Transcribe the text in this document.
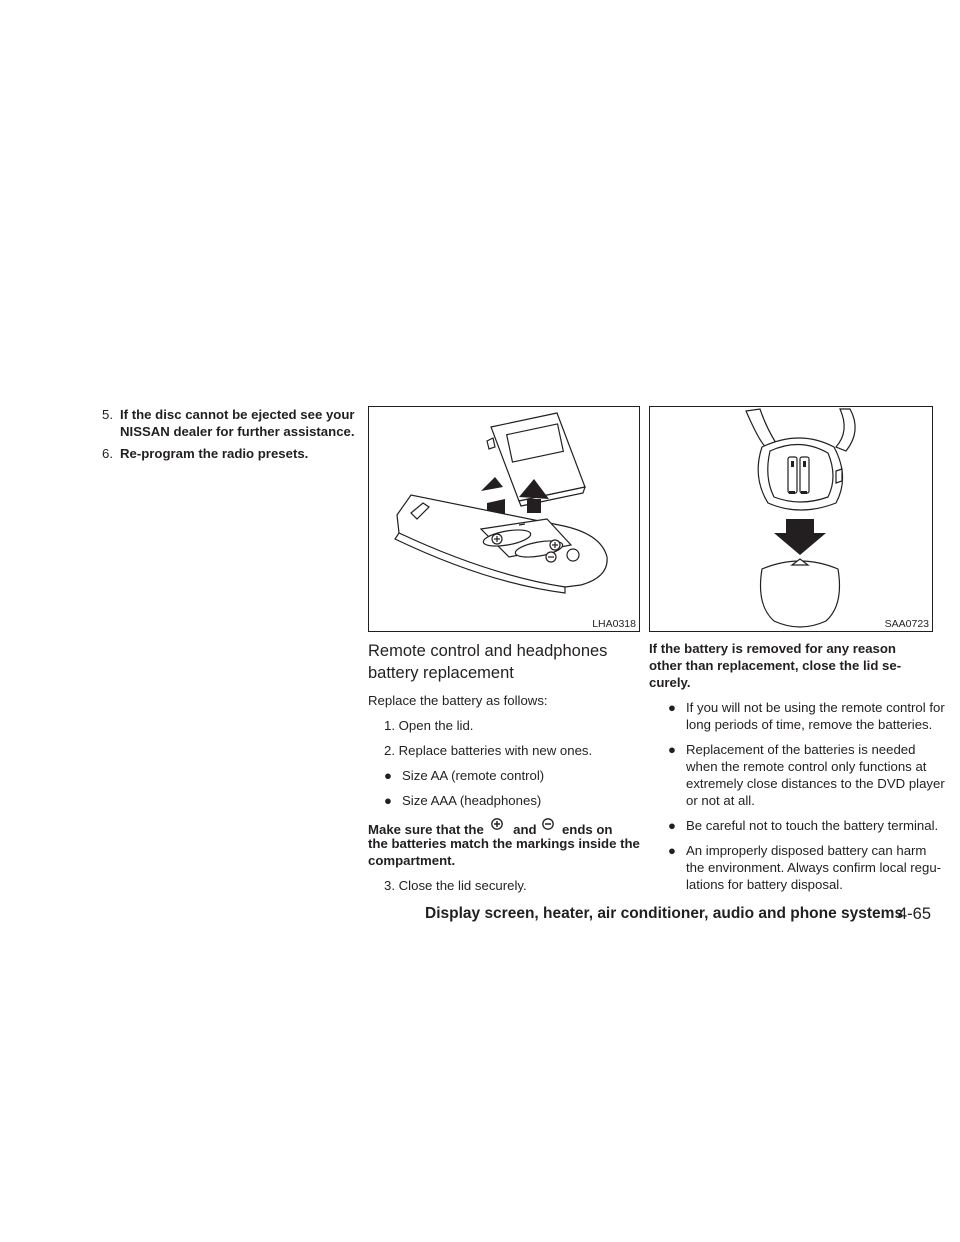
5. If the disc cannot be ejected see your
NISSAN dealer for further assistance.
6. Re-program the radio presets.
LHA0318	SAA0723
Remote control and headphones
battery replacement
Replace the battery as follows:
1. Open the lid.
2. Replace batteries with new ones.
● Size AA (remote control)
● Size AAA (headphones)
Make sure that the and ends on
the batteries match the markings inside the
compartment.
3. Close the lid securely.
If the battery is removed for any reason
other than replacement, close the lid se-
curely.
● If you will not be using the remote control for
long periods of time, remove the batteries.
● Replacement of the batteries is needed
when the remote control only functions at
extremely close distances to the DVD player
or not at all.
● Be careful not to touch the battery terminal.
● An improperly disposed battery can harm
the environment. Always confirm local regu-
lations for battery disposal.
Display screen, heater, air conditioner, audio and phone systems
4-65
